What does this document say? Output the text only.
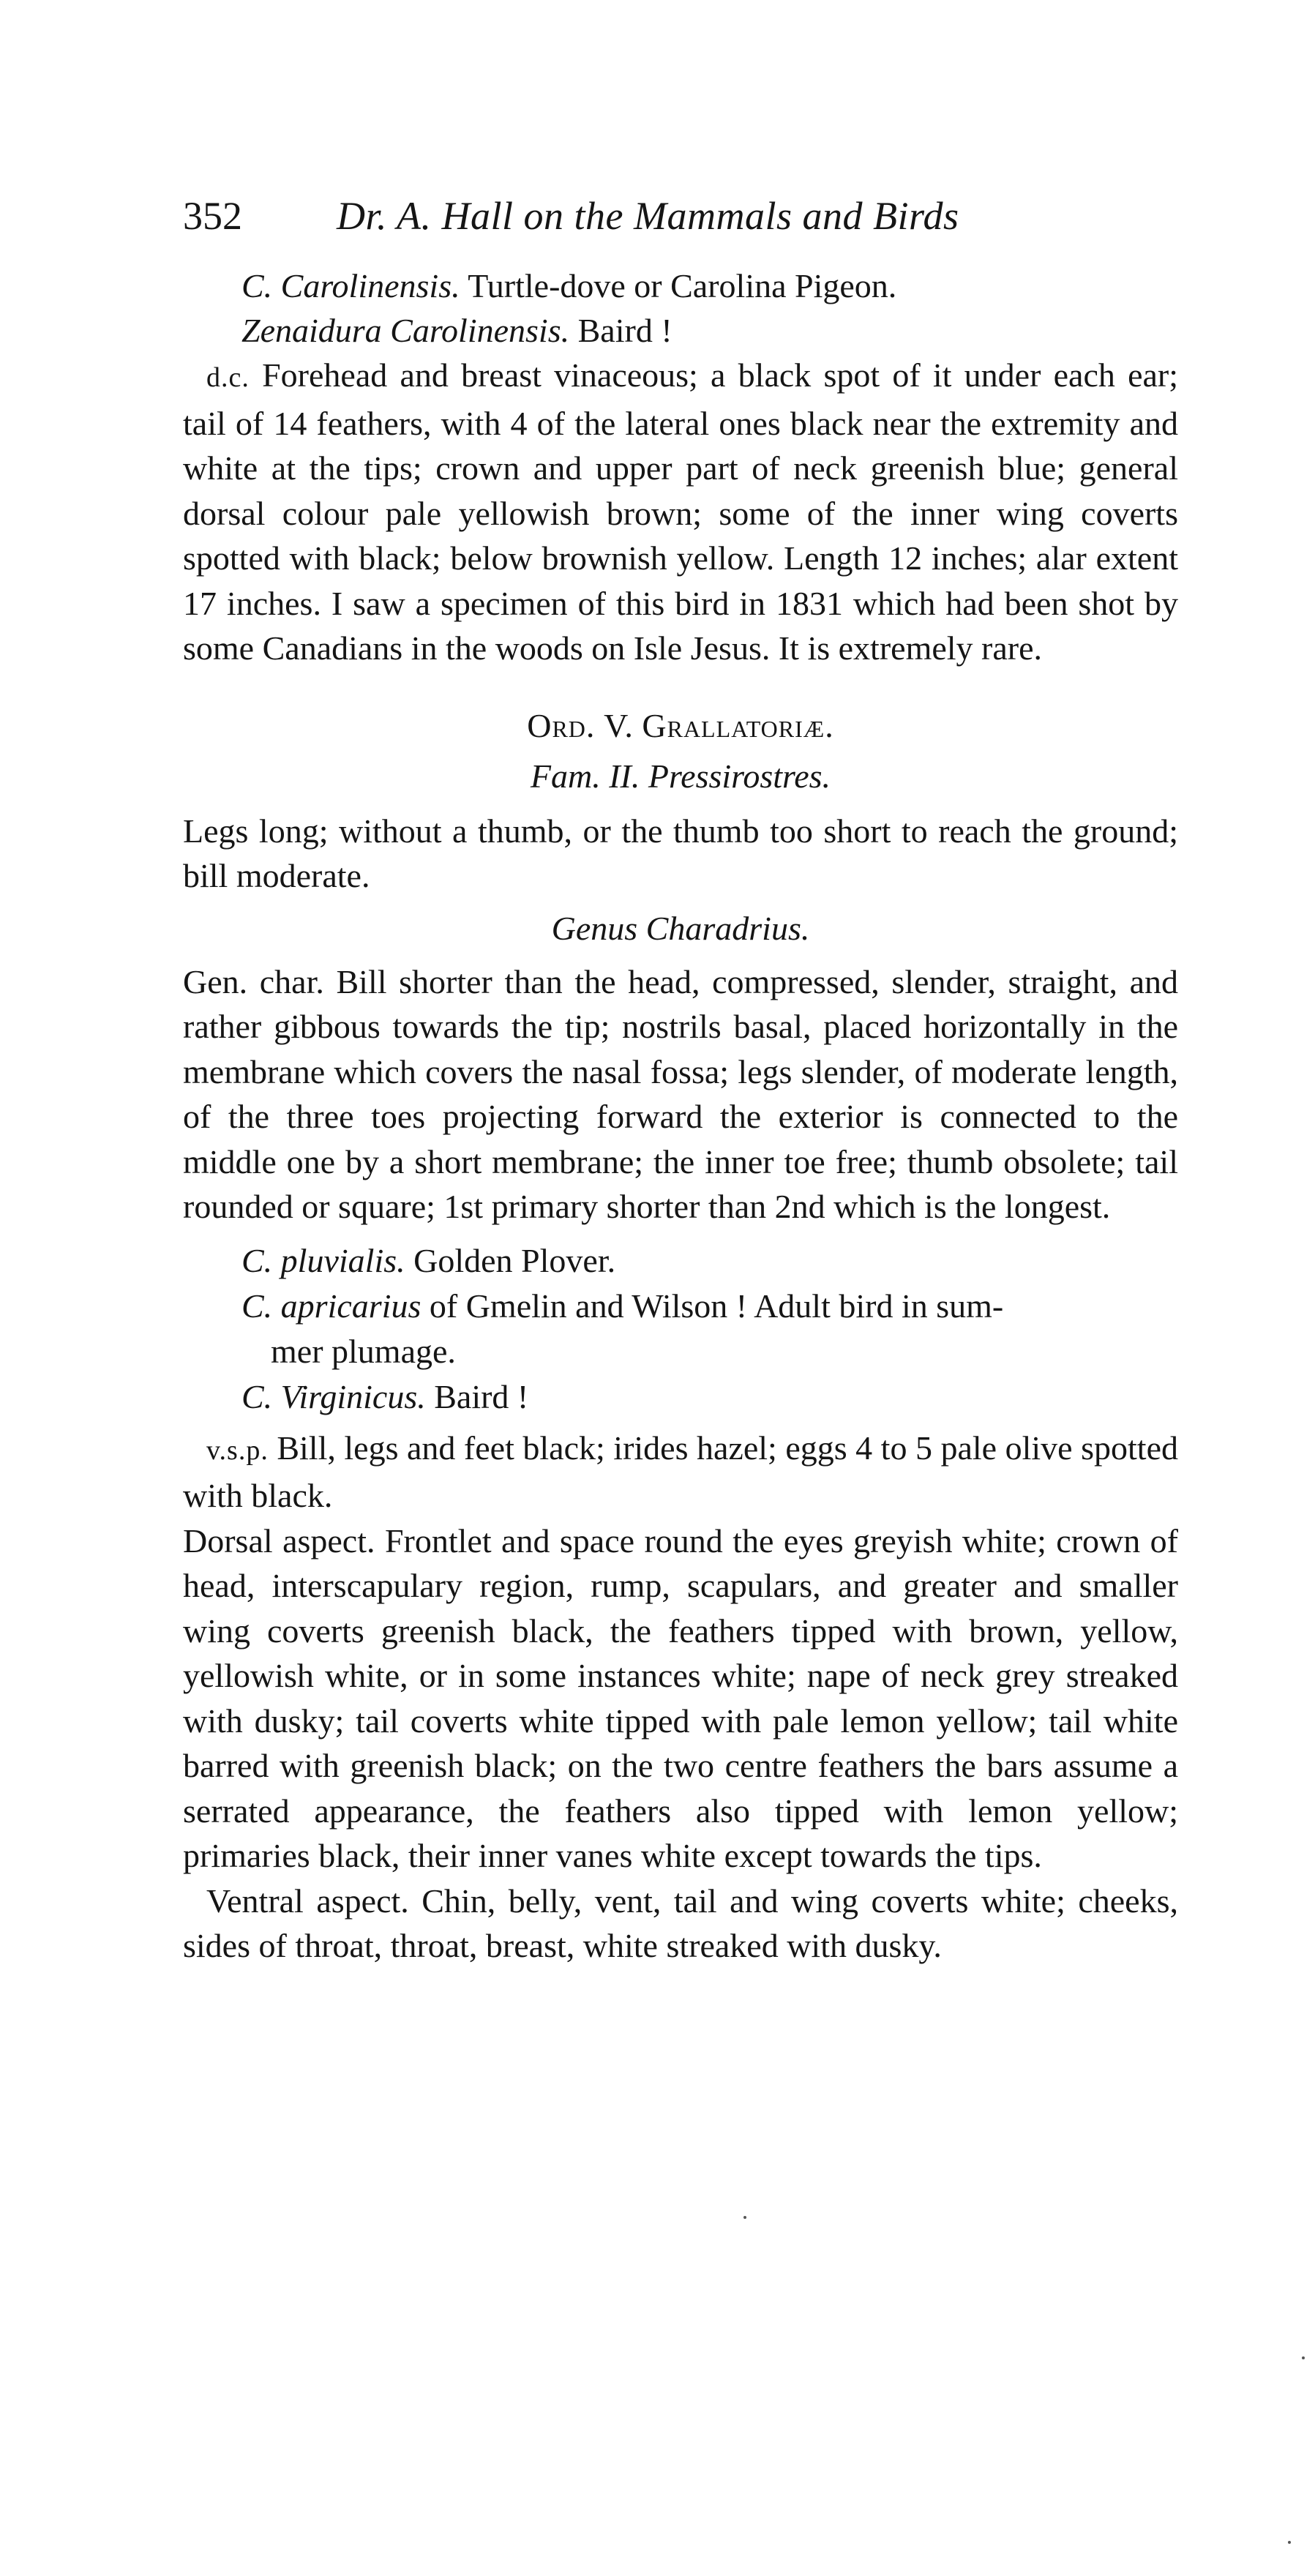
352 Dr. A. Hall on the Mammals and Birds

C. Carolinensis. Turtle-dove or Carolina Pigeon.

Zenaidura Carolinensis. Baird !

d.c. Forehead and breast vinaceous; a black spot of it under each ear; tail of 14 feathers, with 4 of the lateral ones black near the extremity and white at the tips; crown and upper part of neck greenish blue; general dorsal colour pale yellowish brown; some of the inner wing coverts spotted with black; below brownish yellow. Length 12 inches; alar extent 17 inches. I saw a specimen of this bird in 1831 which had been shot by some Canadians in the woods on Isle Jesus. It is extremely rare.

Ord. V. Grallatoriæ.

Fam. II. Pressirostres.

Legs long; without a thumb, or the thumb too short to reach the ground; bill moderate.

Genus Charadrius.

Gen. char. Bill shorter than the head, compressed, slender, straight, and rather gibbous towards the tip; nostrils basal, placed horizontally in the membrane which covers the nasal fossa; legs slender, of moderate length, of the three toes projecting forward the exterior is connected to the middle one by a short membrane; the inner toe free; thumb obsolete; tail rounded or square; 1st primary shorter than 2nd which is the longest.

C. pluvialis. Golden Plover.
C. apricarius of Gmelin and Wilson ! Adult bird in sum-
mer plumage.
C. Virginicus. Baird !

v.s.p. Bill, legs and feet black; irides hazel; eggs 4 to 5 pale olive spotted with black.

Dorsal aspect. Frontlet and space round the eyes greyish white; crown of head, interscapulary region, rump, scapulars, and greater and smaller wing coverts greenish black, the feathers tipped with brown, yellow, yellowish white, or in some instances white; nape of neck grey streaked with dusky; tail coverts white tipped with pale lemon yellow; tail white barred with greenish black; on the two centre feathers the bars assume a serrated appearance, the feathers also tipped with lemon yellow; primaries black, their inner vanes white except towards the tips.

Ventral aspect. Chin, belly, vent, tail and wing coverts white; cheeks, sides of throat, throat, breast, white streaked with dusky.
